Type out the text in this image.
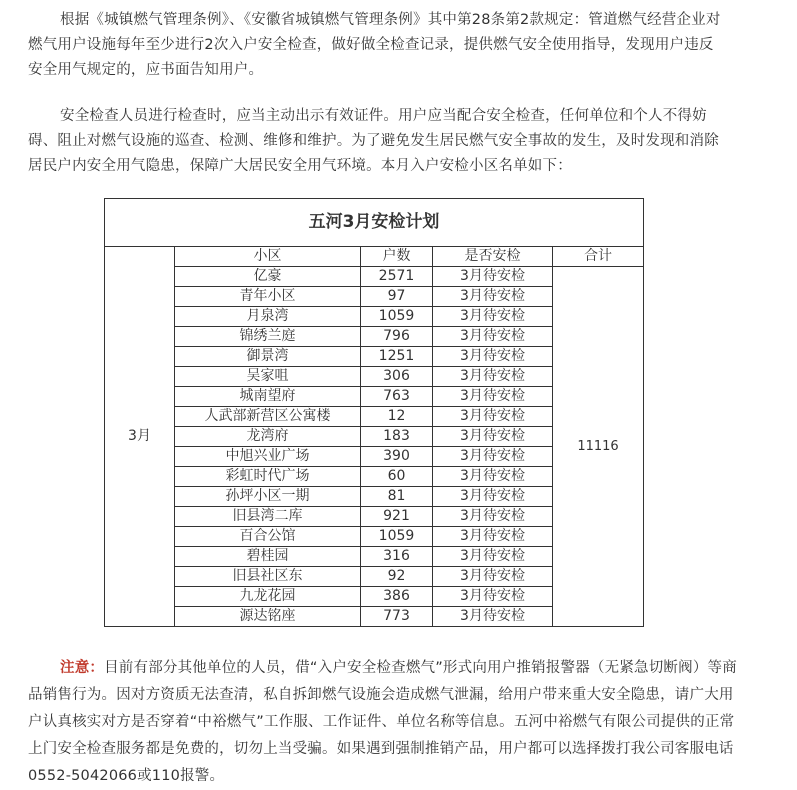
根据《城镇燃气管理条例》、《安徽省城镇燃气管理条例》其中第28条第2款规定：管道燃气经营企业对燃气用户设施每年至少进行2次入户安全检查，做好做全检查记录，提供燃气安全使用指导，发现用户违反安全用气规定的，应书面告知用户。

安全检查人员进行检查时，应当主动出示有效证件。用户应当配合安全检查，任何单位和个人不得妨碍、阻止对燃气设施的巡查、检测、维修和维护。为了避免发生居民燃气安全事故的发生，及时发现和消除居民户内安全用气隐患，保障广大居民安全用气环境。本月入户安检小区名单如下：

五河3月安检计划				
3月	小区	户数	是否安检	合计
	亿豪	2571	3月待安检	11116
	青年小区	97	3月待安检	
	月泉湾	1059	3月待安检	
	锦绣兰庭	796	3月待安检	
	御景湾	1251	3月待安检	
	吴家咀	306	3月待安检	
	城南望府	763	3月待安检	
	人武部新营区公寓楼	12	3月待安检	
	龙湾府	183	3月待安检	
	中旭兴业广场	390	3月待安检	
	彩虹时代广场	60	3月待安检	
	孙坪小区一期	81	3月待安检	
	旧县湾二库	921	3月待安检	
	百合公馆	1059	3月待安检	
	碧桂园	316	3月待安检	
	旧县社区东	92	3月待安检	
	九龙花园	386	3月待安检	
	源达铭座	773	3月待安检	

注意：目前有部分其他单位的人员，借“入户安全检查燃气”形式向用户推销报警器（无紧急切断阀）等商品销售行为。因对方资质无法查清，私自拆卸燃气设施会造成燃气泄漏，给用户带来重大安全隐患，请广大用户认真核实对方是否穿着“中裕燃气”工作服、工作证件、单位名称等信息。五河中裕燃气有限公司提供的正常上门安全检查服务都是免费的，切勿上当受骗。如果遇到强制推销产品，用户都可以选择拨打我公司客服电话0552-5042066或110报警。
